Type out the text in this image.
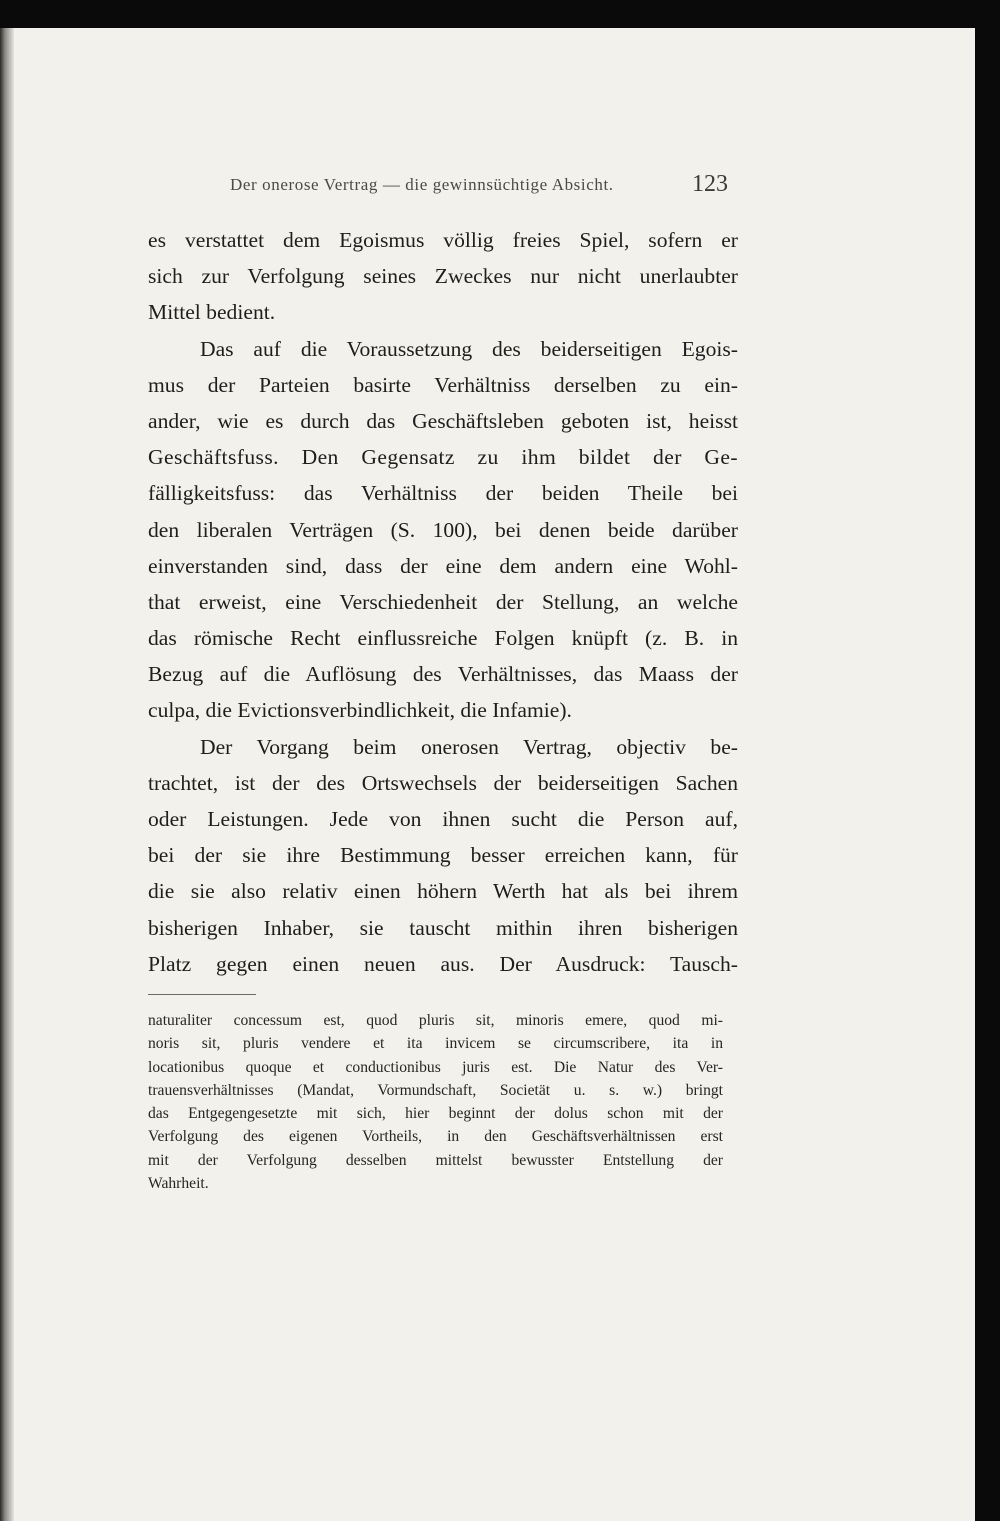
Der onerose Vertrag — die gewinnsüchtige Absicht.	123
es verstattet dem Egoismus völlig freies Spiel, sofern er
sich zur Verfolgung seines Zweckes nur nicht unerlaubter
Mittel bedient.
Das auf die Voraussetzung des beiderseitigen Egois-
mus der Parteien basirte Verhältniss derselben zu ein-
ander, wie es durch das Geschäftsleben geboten ist, heisst
Geschäftsfuss. Den Gegensatz zu ihm bildet der Ge-
fälligkeitsfuss: das Verhältniss der beiden Theile bei
den liberalen Verträgen (S. 100), bei denen beide darüber
einverstanden sind, dass der eine dem andern eine Wohl-
that erweist, eine Verschiedenheit der Stellung, an welche
das römische Recht einflussreiche Folgen knüpft (z. B. in
Bezug auf die Auflösung des Verhältnisses, das Maass der
culpa, die Evictionsverbindlichkeit, die Infamie).
Der Vorgang beim onerosen Vertrag, objectiv be-
trachtet, ist der des Ortswechsels der beiderseitigen Sachen
oder Leistungen. Jede von ihnen sucht die Person auf,
bei der sie ihre Bestimmung besser erreichen kann, für
die sie also relativ einen höhern Werth hat als bei ihrem
bisherigen Inhaber, sie tauscht mithin ihren bisherigen
Platz gegen einen neuen aus. Der Ausdruck: Tausch-
naturaliter concessum est, quod pluris sit, minoris emere, quod mi-
noris sit, pluris vendere et ita invicem se circumscribere, ita in
locationibus quoque et conductionibus juris est. Die Natur des Ver-
trauensverhältnisses (Mandat, Vormundschaft, Societät u. s. w.) bringt
das Entgegengesetzte mit sich, hier beginnt der dolus schon mit der
Verfolgung des eigenen Vortheils, in den Geschäftsverhältnissen erst
mit der Verfolgung desselben mittelst bewusster Entstellung der
Wahrheit.
